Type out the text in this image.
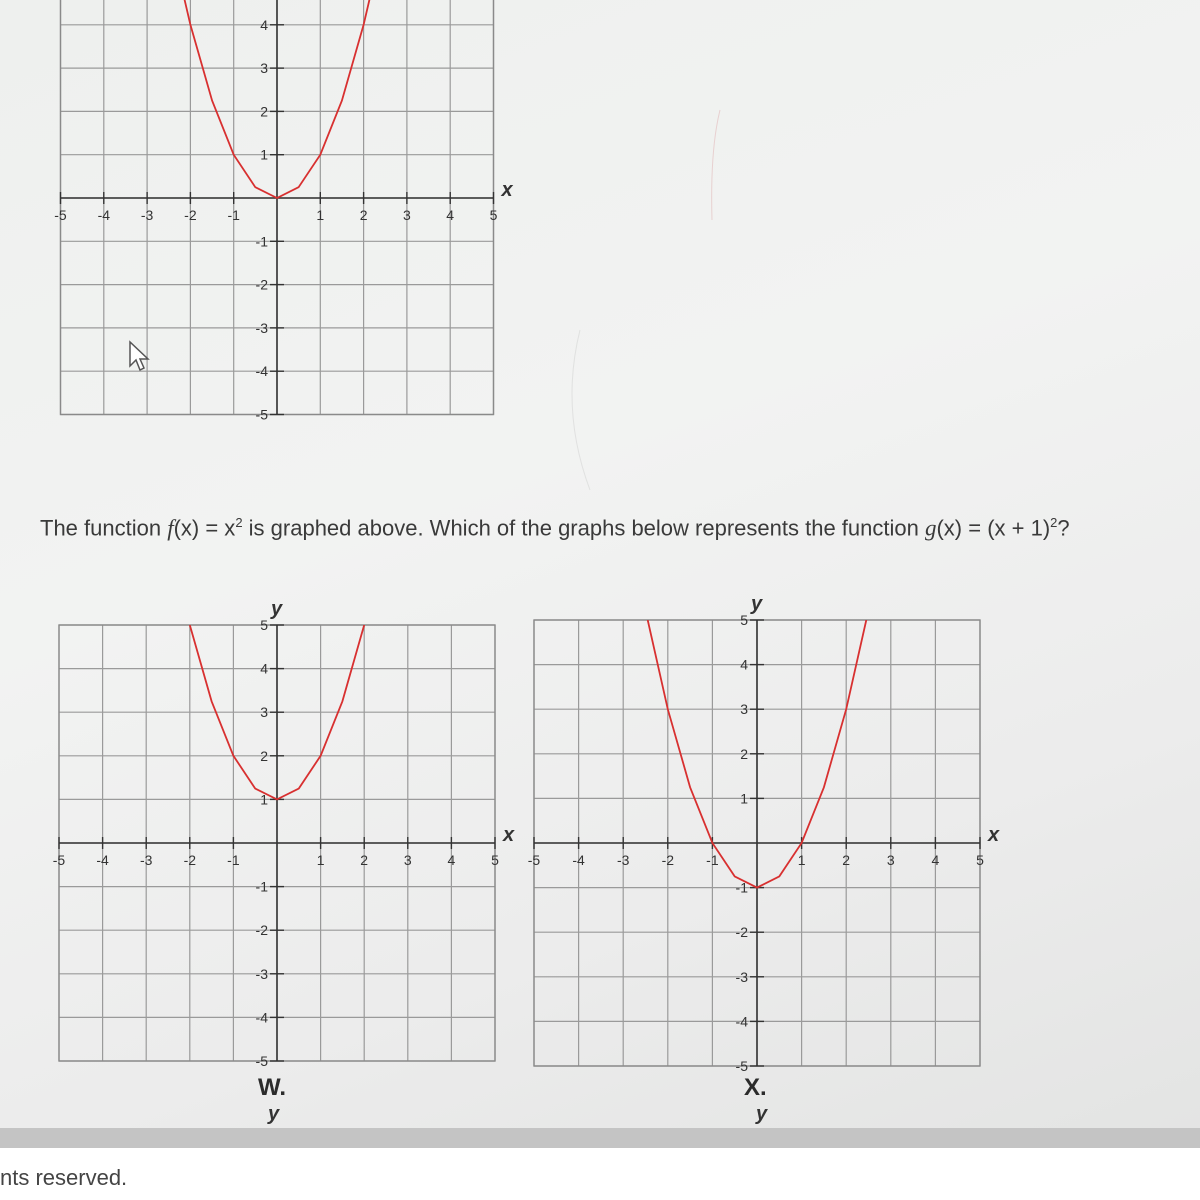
-5 -4 -3 -2 -1	1	2	3	4	5
-5
-4
-3
-2
-1
1
2
3
4
x
The function $f(x) = x^2$ is graphed above. Which of the graphs below represents the function $g(x) = (x + 1)^2$?
-5 -4 -3 -2 -1	1	2	3	4	5
-5
-4
-3
-2
-1
1
2
3
4
5
x
y
W.
y
-5 -4 -3 -2 -1	1	2	3	4	5
-5
-4
-3
-2
-1
1
2
3
4
5
x
y
X.
y
nts reserved.
